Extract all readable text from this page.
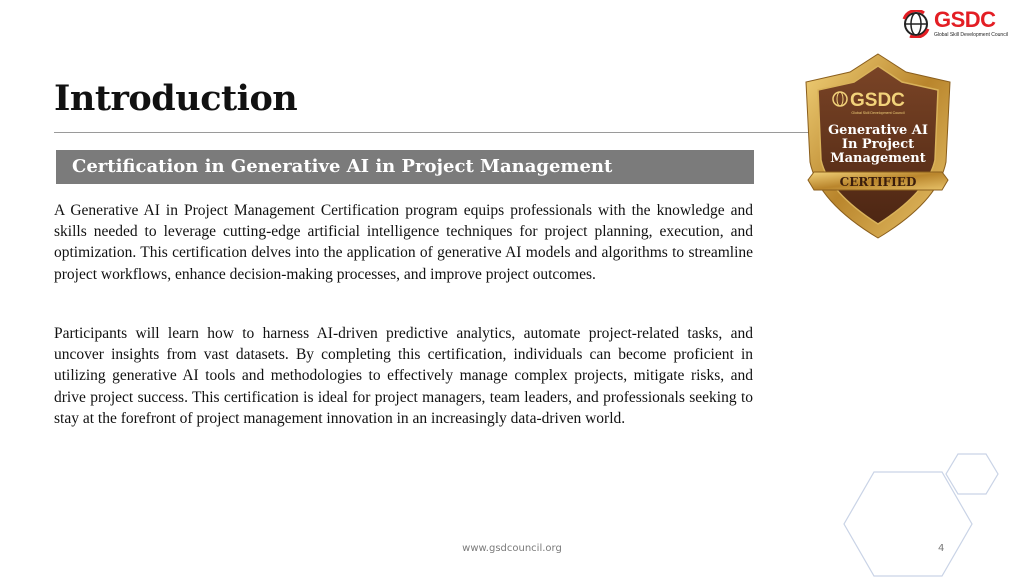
GSDC
Global Skill Development Council
Introduction
Certification in Generative AI in Project Management

A Generative AI in Project Management Certification program equips professionals with the knowledge and skills needed to leverage cutting-edge artificial intelligence techniques for project planning, execution, and optimization. This certification delves into the application of generative AI models and algorithms to streamline project workflows, enhance decision-making processes, and improve project outcomes.

Participants will learn how to harness AI-driven predictive analytics, automate project-related tasks, and uncover insights from vast datasets. By completing this certification, individuals can become proficient in utilizing generative AI tools and methodologies to effectively manage complex projects, mitigate risks, and drive project success. This certification is ideal for project managers, team leaders, and professionals seeking to stay at the forefront of project management innovation in an increasingly data-driven world.

GSDC
Global Skill Development Council
Generative AI
In Project
Management
CERTIFIED
www.gsdcouncil.org	4
